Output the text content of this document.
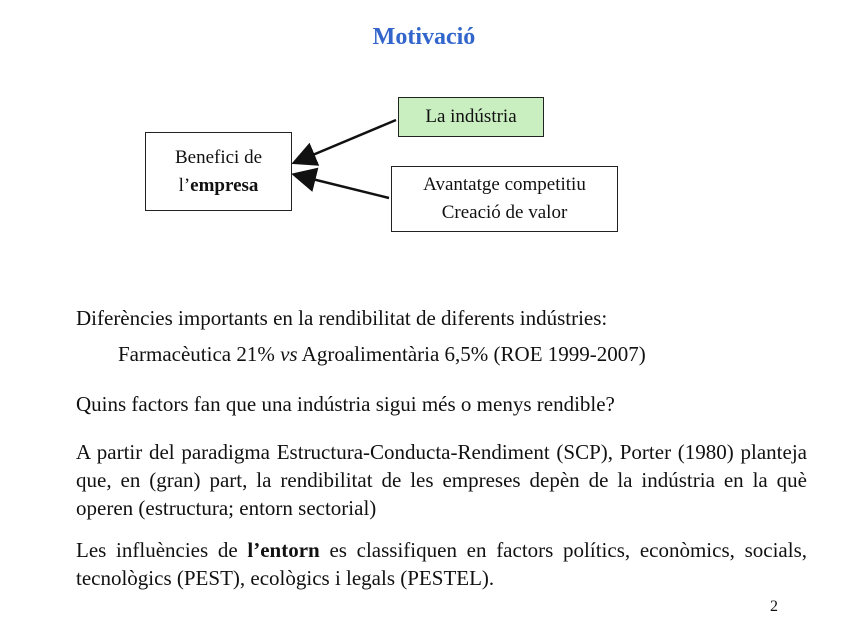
Motivació
Benefici de
l’empresa
La indústria
Avantatge competitiu
Creació de valor
Diferències importants en la rendibilitat de diferents indústries:
Farmacèutica 21% vs Agroalimentària 6,5% (ROE 1999-2007)
Quins factors fan que una indústria sigui més o menys rendible?
A partir del paradigma Estructura-Conducta-Rendiment (SCP), Porter (1980) planteja que, en (gran) part, la rendibilitat de les empreses depèn de la indústria en la què operen (estructura; entorn sectorial)
Les influències de l’entorn es classifiquen en factors polítics, econòmics, socials, tecnològics (PEST), ecològics i legals (PESTEL).
2
